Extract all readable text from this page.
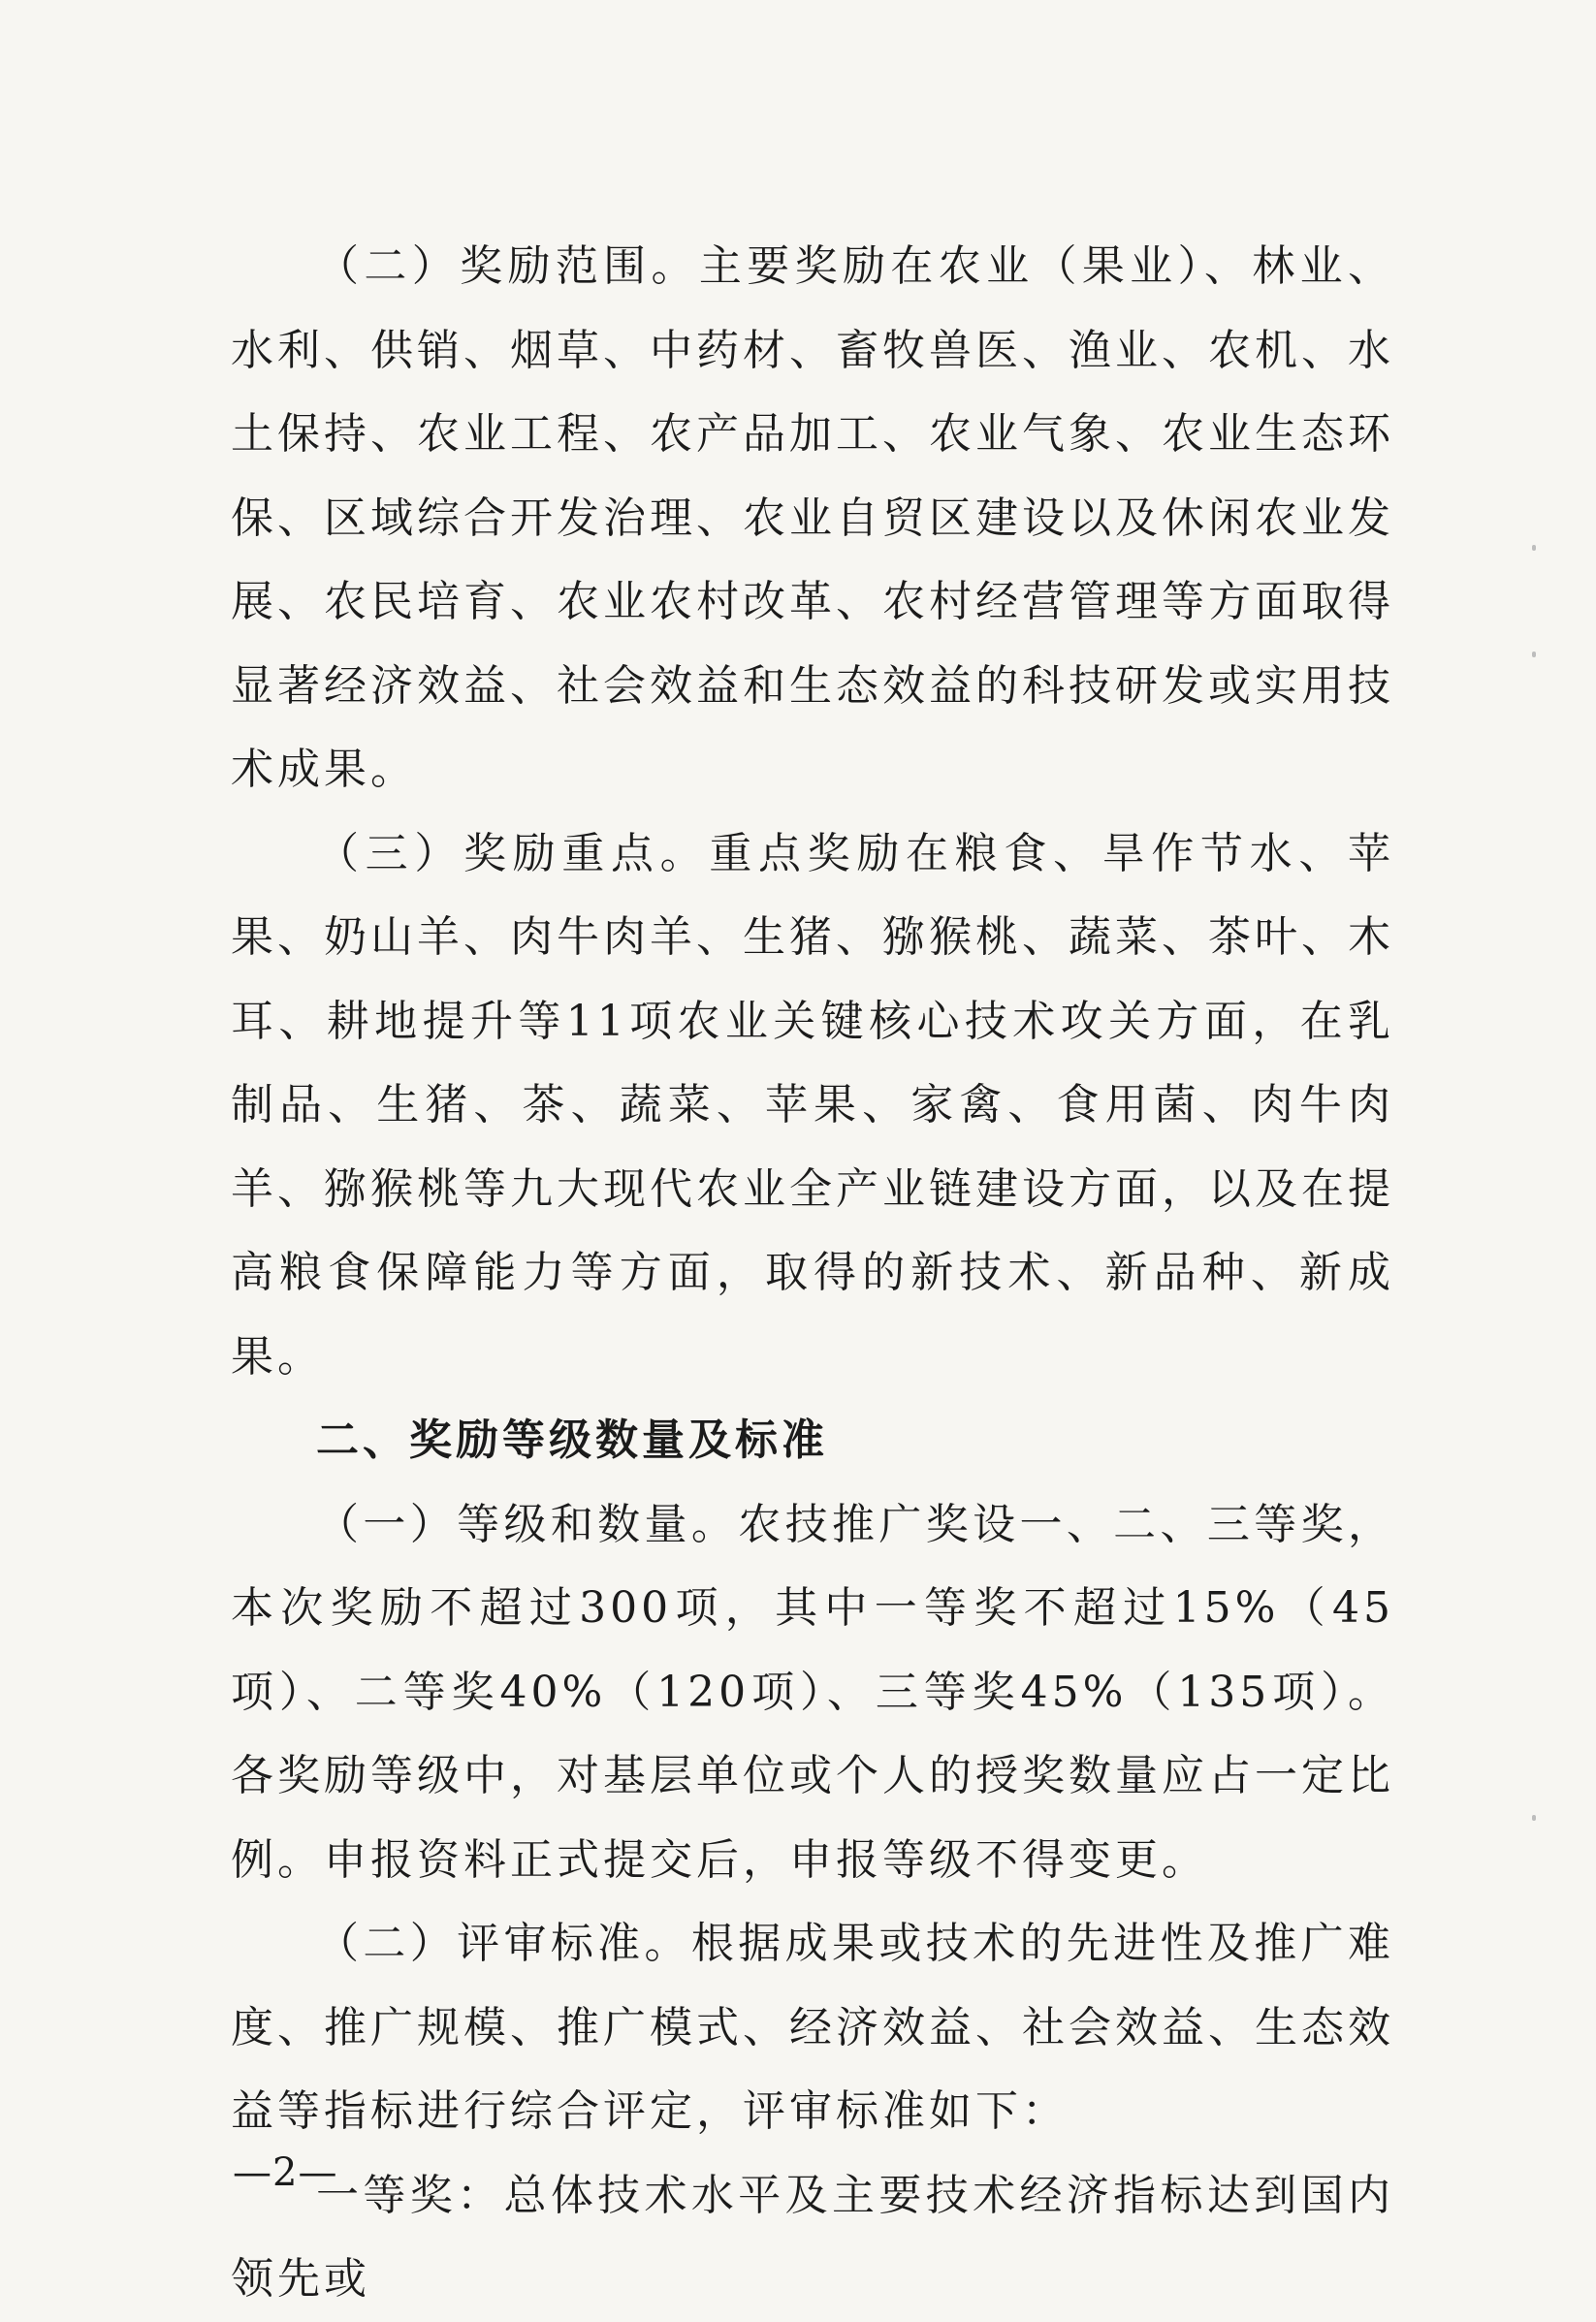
（二）奖励范围。主要奖励在农业（果业）、林业、水利、供销、烟草、中药材、畜牧兽医、渔业、农机、水土保持、农业工程、农产品加工、农业气象、农业生态环保、区域综合开发治理、农业自贸区建设以及休闲农业发展、农民培育、农业农村改革、农村经营管理等方面取得显著经济效益、社会效益和生态效益的科技研发或实用技术成果。

（三）奖励重点。重点奖励在粮食、旱作节水、苹果、奶山羊、肉牛肉羊、生猪、猕猴桃、蔬菜、茶叶、木耳、耕地提升等11项农业关键核心技术攻关方面，在乳制品、生猪、茶、蔬菜、苹果、家禽、食用菌、肉牛肉羊、猕猴桃等九大现代农业全产业链建设方面，以及在提高粮食保障能力等方面，取得的新技术、新品种、新成果。

二、奖励等级数量及标准

（一）等级和数量。农技推广奖设一、二、三等奖，本次奖励不超过300项，其中一等奖不超过15%（45项）、二等奖40%（120项）、三等奖45%（135项）。各奖励等级中，对基层单位或个人的授奖数量应占一定比例。申报资料正式提交后，申报等级不得变更。

（二）评审标准。根据成果或技术的先进性及推广难度、推广规模、推广模式、经济效益、社会效益、生态效益等指标进行综合评定，评审标准如下：

一等奖：总体技术水平及主要技术经济指标达到国内领先或

—2—
